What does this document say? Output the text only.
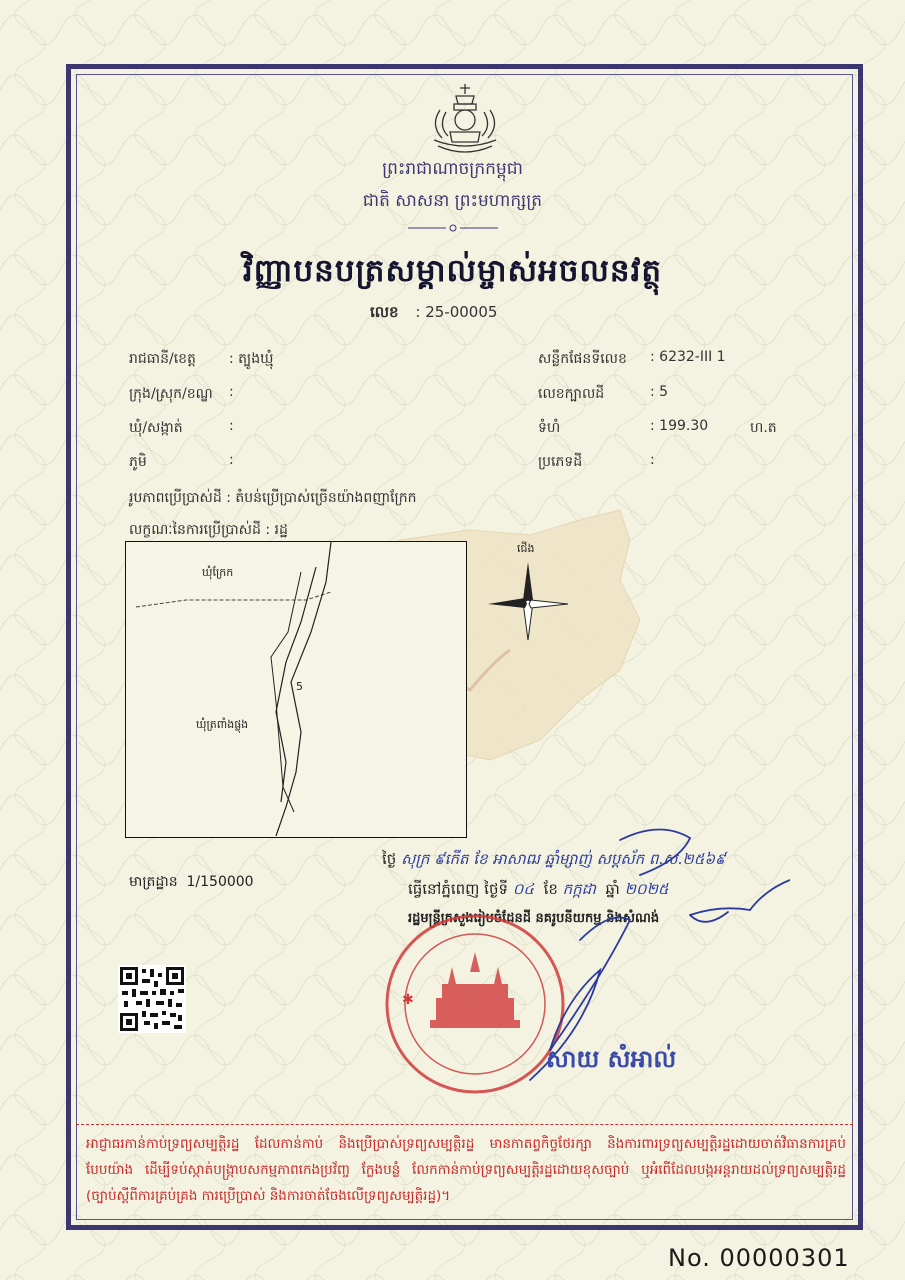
ព្រះរាជាណាចក្រកម្ពុជា
ជាតិ សាសនា ព្រះមហាក្សត្រ
វិញ្ញាបនបត្រសម្គាល់ម្ចាស់អចលនវត្ថុ
លេខ : 25-00005
រាជធានី/ខេត្ត : ត្បូងឃ្មុំ
ក្រុង/ស្រុក/ខណ្ឌ :
ឃុំ/សង្កាត់	:
ភូមិ	:
សន្លឹកផែនទីលេខ : 6232-III 1
លេខក្បាលដី	: 5
ទំហំ	: 199.30	ហ.ត
ប្រភេទដី	:
រូបភាពប្រើប្រាស់ដី : តំបន់ប្រើប្រាស់ច្រើនយ៉ាងពញាក្រែក
លក្ខណៈនៃការប្រើប្រាស់ដី : រដ្ឋ
ឃុំក្រែក
ឃុំត្រពាំងផ្លុង
5
ជើង
មាត្រដ្ឋាន 1/150000
ថ្ងៃ សុក្រ ៩កើត ខែ អាសាឍ ឆ្នាំម្សាញ់ សប្តស័ក ព.ស.២៥៦៩
ធ្វើនៅភ្នំពេញ ថ្ងៃទី ០៤ ខែ កក្កដា ឆ្នាំ ២០២៥
រដ្ឋមន្ត្រីក្រសួងរៀបចំដែនដី នគរូបនីយកម្ម និងសំណង់
✱
សាយ សំអាល់
អាជ្ញាធរកាន់កាប់ទ្រព្យសម្បត្តិរដ្ឋ ដែលកាន់កាប់ និងប្រើប្រាស់ទ្រព្យសម្បត្តិរដ្ឋ មានកាតព្វកិច្ចថែរក្សា និងការពារទ្រព្យសម្បត្តិរដ្ឋដោយចាត់វិធានការគ្រប់បែបយ៉ាង ដើម្បីទប់ស្កាត់បង្ក្រាបសកម្មភាពកេងប្រវ័ញ្ច ក្លែងបន្លំ លែកកាន់កាប់ទ្រព្យសម្បត្តិរដ្ឋដោយខុសច្បាប់ ឬអំពើដែលបង្កអន្តរាយដល់ទ្រព្យសម្បត្តិរដ្ឋ (ច្បាប់ស្តីពីការគ្រប់គ្រង ការប្រើប្រាស់ និងការចាត់ចែងលើទ្រព្យសម្បត្តិរដ្ឋ)។
No. 00000301
